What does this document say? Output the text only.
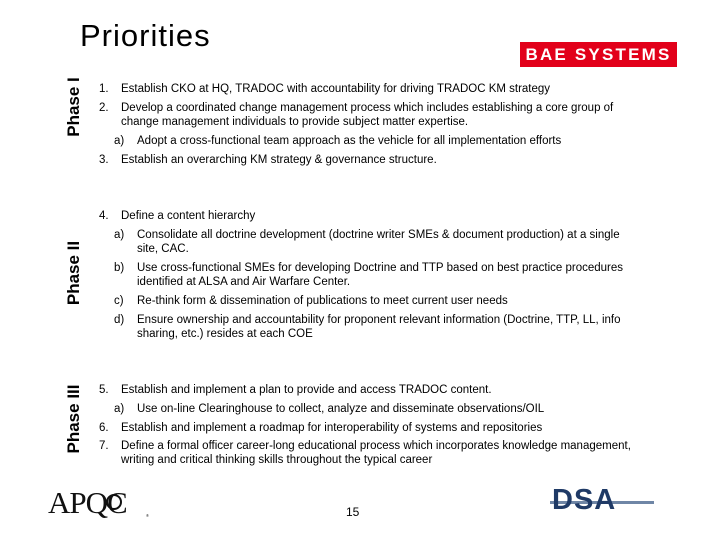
Priorities
BAE SYSTEMS
Phase I
Phase II
Phase III
1. Establish CKO at HQ, TRADOC with accountability for driving TRADOC KM strategy
2. Develop a coordinated change management process which includes establishing a core group of
change management individuals to provide subject matter expertise.
a) Adopt a cross-functional team approach as the vehicle for all implementation efforts
3. Establish an overarching KM strategy & governance structure.
4. Define a content hierarchy
a) Consolidate all doctrine development (doctrine writer SMEs & document production) at a single
site, CAC.
b) Use cross-functional SMEs for developing Doctrine and TTP based on best practice procedures
identified at ALSA and Air Warfare Center.
c) Re-think form & dissemination of publications to meet current user needs
d) Ensure ownership and accountability for proponent relevant information (Doctrine, TTP, LL, info
sharing, etc.) resides at each COE
5. Establish and implement a plan to provide and access TRADOC content.
a) Use on-line Clearinghouse to collect, analyze and disseminate observations/OIL
6. Establish and implement a roadmap for interoperability of systems and repositories
7. Define a formal officer career-long educational process which incorporates knowledge management,
writing and critical thinking skills throughout the typical career
APQC	®	15	DSA
